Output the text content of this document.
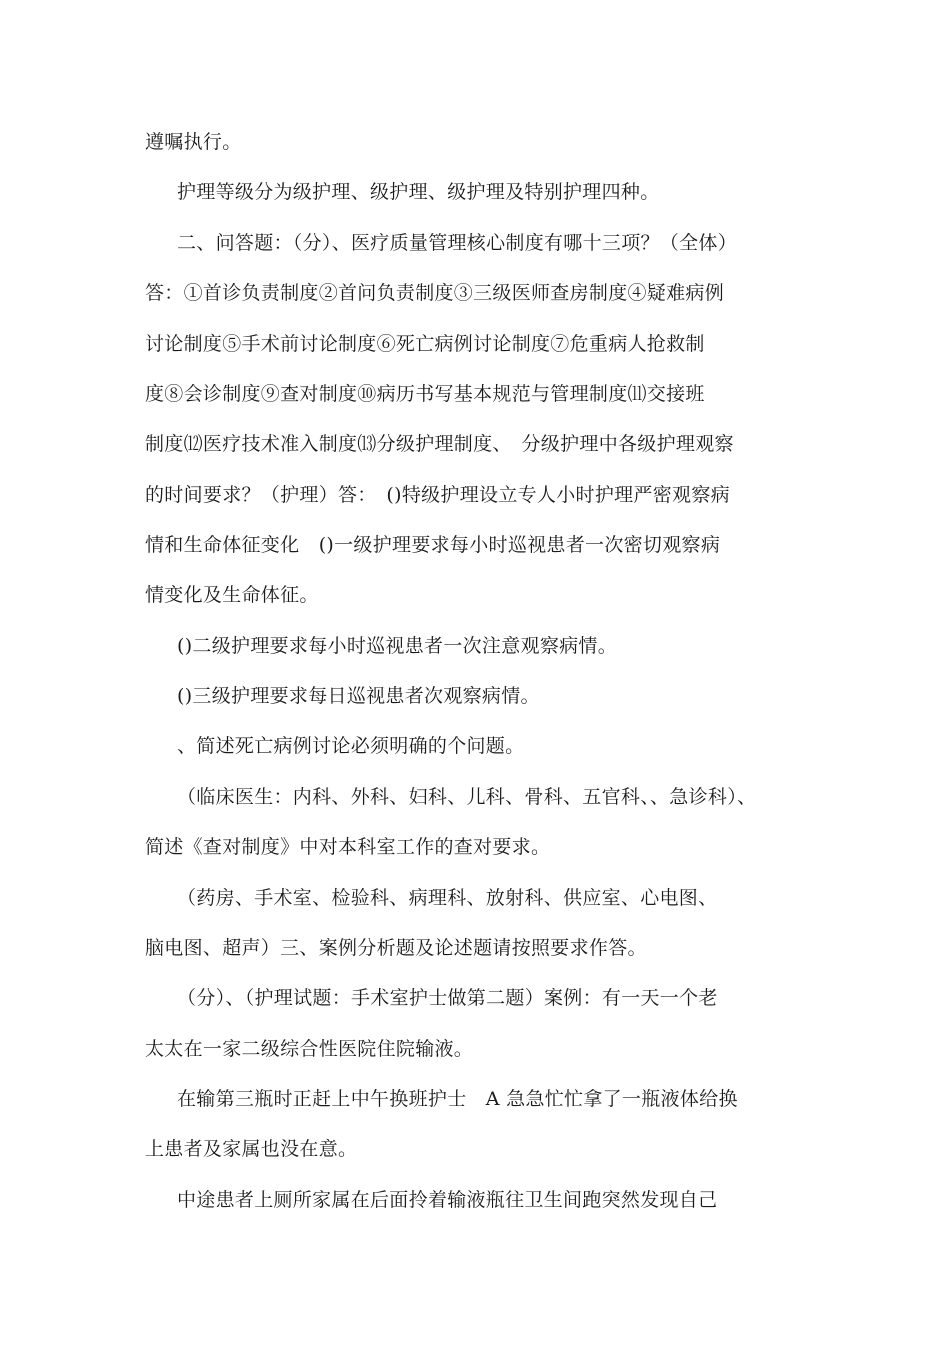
遵嘱执行。
护理等级分为级护理、级护理、级护理及特别护理四种。
二、问答题：（分）、医疗质量管理核心制度有哪十三项？（全体）
答：①首诊负责制度②首问负责制度③三级医师查房制度④疑难病例
讨论制度⑤手术前讨论制度⑥死亡病例讨论制度⑦危重病人抢救制
度⑧会诊制度⑨查对制度⑩病历书写基本规范与管理制度⑾交接班
制度⑿医疗技术准入制度⒀分级护理制度、　分级护理中各级护理观察
的时间要求？（护理）答：　()特级护理设立专人小时护理严密观察病
情和生命体征变化　()一级护理要求每小时巡视患者一次密切观察病
情变化及生命体征。
()二级护理要求每小时巡视患者一次注意观察病情。
()三级护理要求每日巡视患者次观察病情。
、简述死亡病例讨论必须明确的个问题。
（临床医生：内科、外科、妇科、儿科、骨科、五官科、、急诊科）、
简述《查对制度》中对本科室工作的查对要求。
（药房、手术室、检验科、病理科、放射科、供应室、心电图、
脑电图、超声）三、案例分析题及论述题请按照要求作答。
（分）、（护理试题：手术室护士做第二题）案例：有一天一个老
太太在一家二级综合性医院住院输液。
在输第三瓶时正赶上中午换班护士　A 急急忙忙拿了一瓶液体给换
上患者及家属也没在意。
中途患者上厕所家属在后面拎着输液瓶往卫生间跑突然发现自己
